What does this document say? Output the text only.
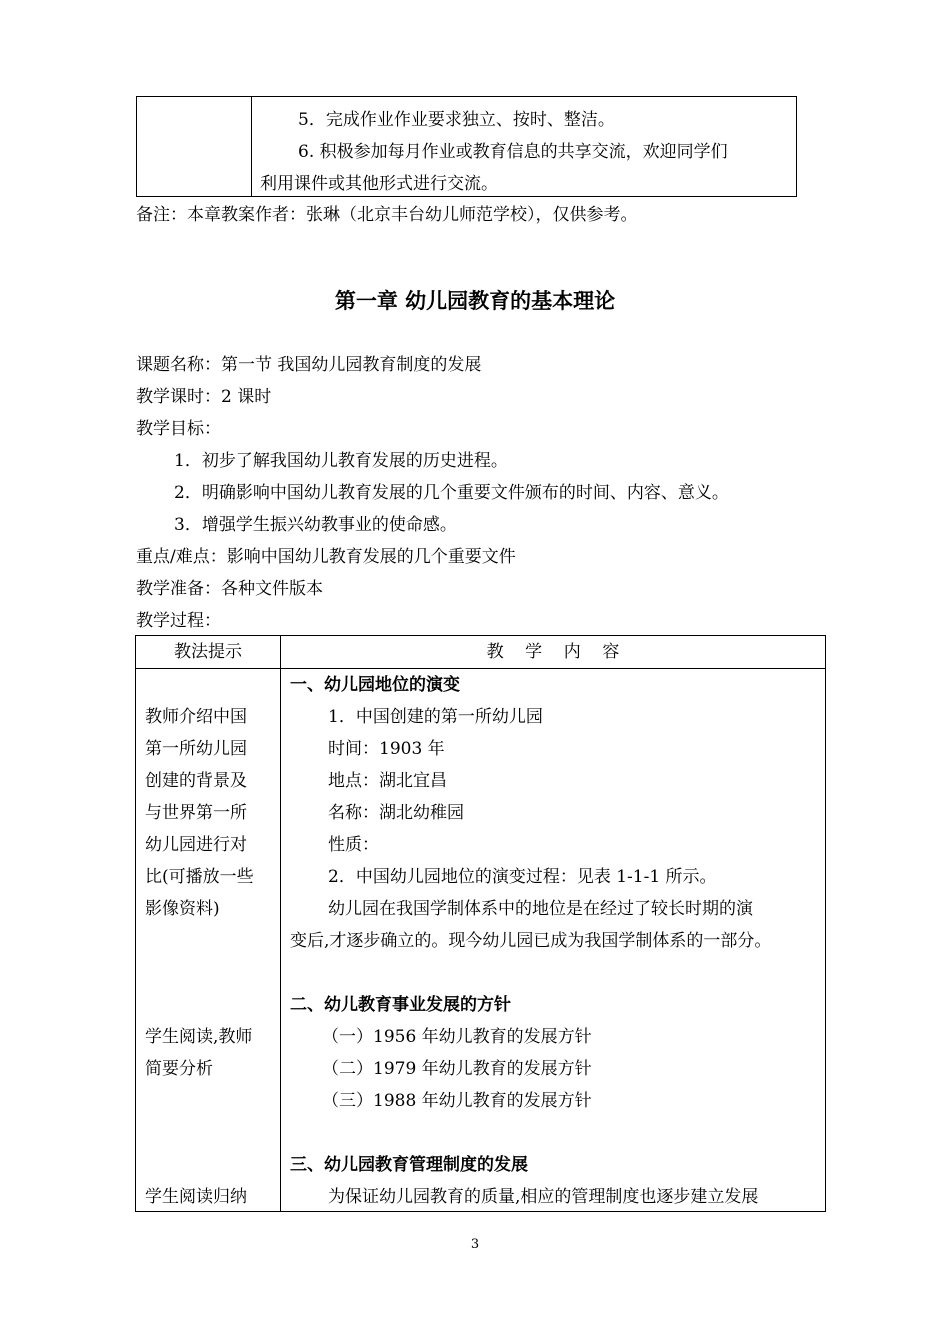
5．完成作业作业要求独立、按时、整洁。
6. 积极参加每月作业或教育信息的共享交流，欢迎同学们
利用课件或其他形式进行交流。
备注：本章教案作者：张琳（北京丰台幼儿师范学校），仅供参考。
第一章 幼儿园教育的基本理论
课题名称：第一节 我国幼儿园教育制度的发展
教学课时：2 课时
教学目标：
1．初步了解我国幼儿教育发展的历史进程。
2．明确影响中国幼儿教育发展的几个重要文件颁布的时间、内容、意义。
3．增强学生振兴幼教事业的使命感。
重点/难点：影响中国幼儿教育发展的几个重要文件
教学准备：各种文件版本
教学过程：
教法提示	教    学    内    容
教师介绍中国
第一所幼儿园
创建的背景及
与世界第一所
幼儿园进行对
比(可播放一些
影像资料)
学生阅读,教师
简要分析
学生阅读归纳
一、幼儿园地位的演变
1．中国创建的第一所幼儿园
时间：1903 年
地点：湖北宜昌
名称：湖北幼稚园
性质：
2．中国幼儿园地位的演变过程：见表 1-1-1 所示。
幼儿园在我国学制体系中的地位是在经过了较长时期的演
变后,才逐步确立的。现今幼儿园已成为我国学制体系的一部分。
二、幼儿教育事业发展的方针
（一）1956 年幼儿教育的发展方针
（二）1979 年幼儿教育的发展方针
（三）1988 年幼儿教育的发展方针
三、幼儿园教育管理制度的发展
为保证幼儿园教育的质量,相应的管理制度也逐步建立发展
3
